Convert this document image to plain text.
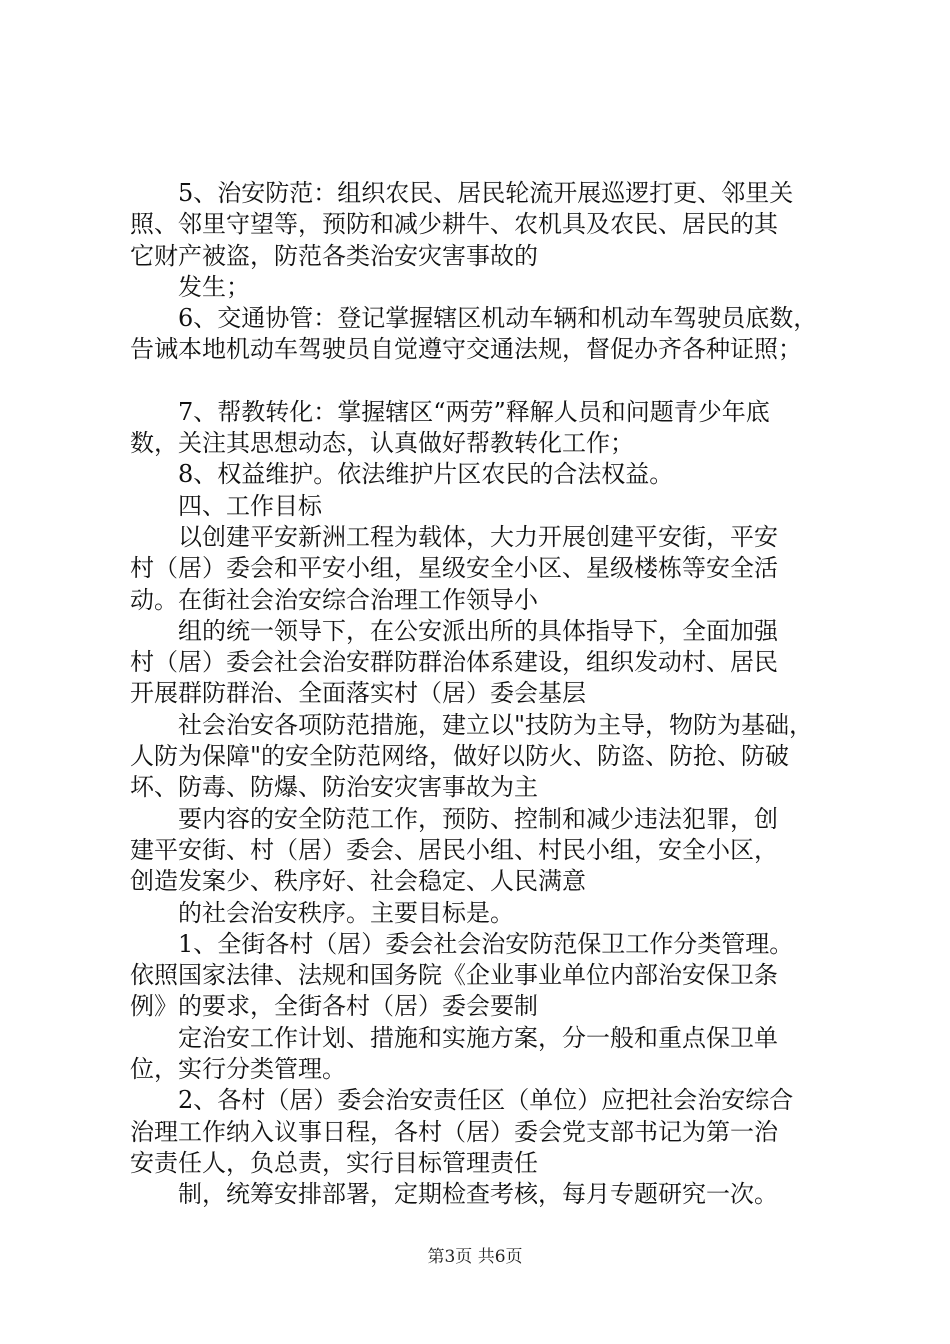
5、治安防范：组织农民、居民轮流开展巡逻打更、邻里关
照、邻里守望等，预防和减少耕牛、农机具及农民、居民的其
它财产被盗，防范各类治安灾害事故的
发生；
6、交通协管：登记掌握辖区机动车辆和机动车驾驶员底数，
告诫本地机动车驾驶员自觉遵守交通法规，督促办齐各种证照；
7、帮教转化：掌握辖区“两劳”释解人员和问题青少年底
数，关注其思想动态，认真做好帮教转化工作；
8、权益维护。依法维护片区农民的合法权益。
四、工作目标
以创建平安新洲工程为载体，大力开展创建平安街，平安
村（居）委会和平安小组，星级安全小区、星级楼栋等安全活
动。在街社会治安综合治理工作领导小
组的统一领导下，在公安派出所的具体指导下，全面加强
村（居）委会社会治安群防群治体系建设，组织发动村、居民
开展群防群治、全面落实村（居）委会基层
社会治安各项防范措施，建立以"技防为主导，物防为基础，
人防为保障"的安全防范网络，做好以防火、防盗、防抢、防破
坏、防毒、防爆、防治安灾害事故为主
要内容的安全防范工作，预防、控制和减少违法犯罪，创
建平安街、村（居）委会、居民小组、村民小组，安全小区，
创造发案少、秩序好、社会稳定、人民满意
的社会治安秩序。主要目标是。
1、全街各村（居）委会社会治安防范保卫工作分类管理。
依照国家法律、法规和国务院《企业事业单位内部治安保卫条
例》的要求，全街各村（居）委会要制
定治安工作计划、措施和实施方案，分一般和重点保卫单
位，实行分类管理。
2、各村（居）委会治安责任区（单位）应把社会治安综合
治理工作纳入议事日程，各村（居）委会党支部书记为第一治
安责任人，负总责，实行目标管理责任
制，统筹安排部署，定期检查考核，每月专题研究一次。
第3页 共6页
